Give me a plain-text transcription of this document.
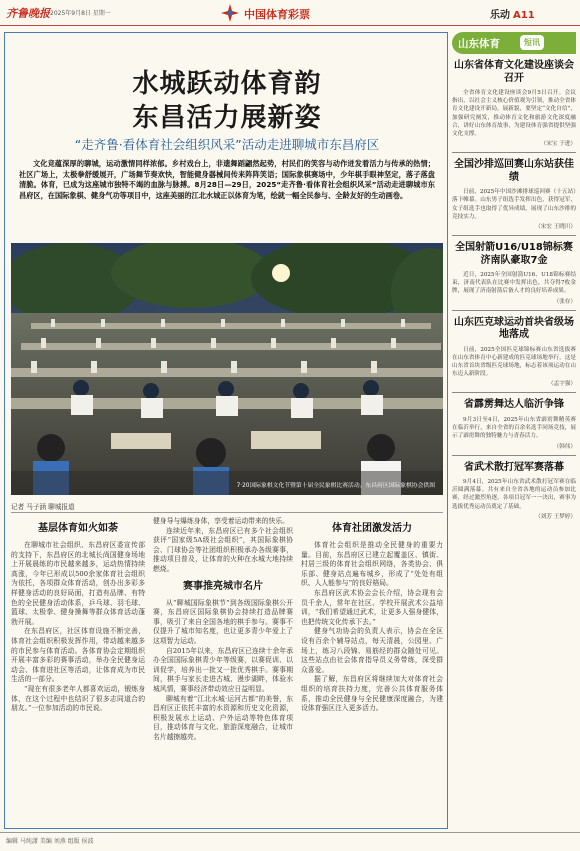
齐鲁晚报 2025年9月8日 星期一	中国体育彩票	乐动 A11
水城跃动体育韵
东昌活力展新姿
“走齐鲁·看体育社会组织风采”活动走进聊城市东昌府区
文化竞蕴深厚的聊城，运动激情同样浓郁。乡村戏台上，非遗舞蹈翩然起势，村民们的笑容与动作迸发着活力与传承的热情；社区广场上，太极拳舒缓展开，广场舞节奏欢快，智能健身器械间传来阵阵笑语；国际象棋赛场中，少年棋手眼神坚定，落子落盘清脆。体育，已成为这座城市独特不竭的血脉与脉搏。8月28日—29日，2025“走齐鲁·看体育社会组织风采”活动走进聊城市东昌府区，在国际象棋、健身气功等项目中，这座美丽的江北水城正以体育为笔，绘就一幅全民参与、全龄友好的生动画卷。
7·20国际象棋文化节暨第十届全民象棋比赛活动。东昌府区国际象棋协会供图
记者 马子涵 聊城报道
基层体育如火如荼

在聊城市社会组织、东昌府区委宣传部的支持下，东昌府区的北城长尚国健身场地上开展晨练的市民越来越多，运动热情持续高涨，今年已形成以500余家体育社会组织为依托，各项群众体育活动，创办出多彩多样健身活动的良好局面，打造有品牌、有特色的全民健身活动体系，乒乓球、羽毛球、篮球、太极拳、健身操舞等群众体育活动蓬勃开展。

在东昌府区，社区体育设施不断完善，体育社会组织积极发挥作用，带动越来越多的市民参与体育活动。各体育协会定期组织开展丰富多彩的赛事活动，举办全民健身运动会、体育进社区等活动，让体育成为市民生活的一部分。

“现在有很多老年人都喜欢运动，锻炼身体，在这个过程中也结识了很多志同道合的朋友。”一位参加活动的市民说。

健身导与爆练身体，享受着运动带来的快乐。

连续近年来，东昌府区已有多个社会组织获评“国家级5A级社会组织”，其国际象棋协会、门球协会等社团组织积极承办各级赛事，推动项目普及，让体育的火种在水城大地持续燃烧。

赛事推亮城市名片

从“聊城国际象棋节”到各级国际象棋公开赛，东昌府区国际象棋协会持续打造品牌赛事，吸引了来自全国各地的棋手参与。赛事不仅提升了城市知名度，也让更多青少年爱上了这项智力运动。

自2015年以来，东昌府区已连续十余年承办全国国际象棋青少年等级赛，以赛促训、以训促学，培养出一批又一批优秀棋手。赛事期间，棋手与家长走进古城、漫步湖畔，体验水城风情，赛事经济带动效应日益明显。

聊城有着“江北水城·运河古都”的美誉，东昌府区正依托丰富的水资源和历史文化资源，积极发展水上运动、户外运动等特色体育项目，推动体育与文化、旅游深度融合，让城市名片越擦越亮。

体育社团激发活力

体育社会组织是推动全民健身的重要力量。目前，东昌府区已建立起覆盖区、镇街、村居三级的体育社会组织网络，各类协会、俱乐部、健身站点遍布城乡，形成了“处处有组织、人人能参与”的良好格局。

东昌府区武术协会会长介绍，协会现有会员千余人，常年在社区、学校开展武术公益培训，“我们希望通过武术，让更多人强身健体，也把传统文化传承下去。”

健身气功协会的负责人表示，协会在全区设有百余个辅导站点，每天清晨，公园里、广场上，练习八段锦、易筋经的群众随处可见。这些站点由社会体育指导员义务带练，深受群众喜爱。

据了解，东昌府区将继续加大对体育社会组织的培育扶持力度，完善公共体育服务体系，推动全民健身与全民健康深度融合，为建设体育强区注入更多活力。

山东体育	短讯
山东省体育文化建设座谈会召开
全省体育文化建设座谈会9月5日召开。会议指出，以社会主义核心价值观为引领，推动全省体育文化建设开新局，展新貌，要坚定“文化自信”，加强研究阐发，推动体育文化和旅游文化深度融合，讲好山东体育故事，为建设体育强省提供坚强文化支撑。
（宋宝 于进）
全国沙排巡回赛山东站获佳绩
日前，2025年中国沙滩排球巡回赛（十五站）落下帷幕。山东男子组选手发挥出色，获得冠军，女子组选手也取得了优异成绩，展现了山东沙排的竞技实力。
（宋宏 王晓川）
全国射箭U16/U18锦标赛济南队豪取7金
近日，2025年全国射箭U16、U18锦标赛结束，济南代表队在比赛中发挥出色，共夺得7枚金牌，展现了济南射箭后备人才的良好培养成果。
（张存）
山东匹克球运动首块省级场地落成
日前，2025全国匹克球锦标赛山东省选拔赛在山东省体育中心新建成的匹克球场地举行，这是山东省首块省级匹克球场地，标志着该项运动在山东迈入新阶段。
（孟宇强）
省霹雳舞达人临沂争锋
9月3日至4日，2025年山东省霹雳舞精英赛在临沂举行，来自全省的百余名选手同场竞技，展示了霹雳舞的独特魅力与青春活力。
（韩伟）
省武术散打冠军赛落幕
9月4日，2025年山东省武术散打冠军赛在临沂圆满落幕。共有来自全省各地的运动员参加比赛，经过激烈角逐，各项目冠军一一决出，赛事为选拔优秀运动员奠定了基础。
（刘芳 王梦婷）
编辑 马纯潇 美编 刘燕 组版 侯波
